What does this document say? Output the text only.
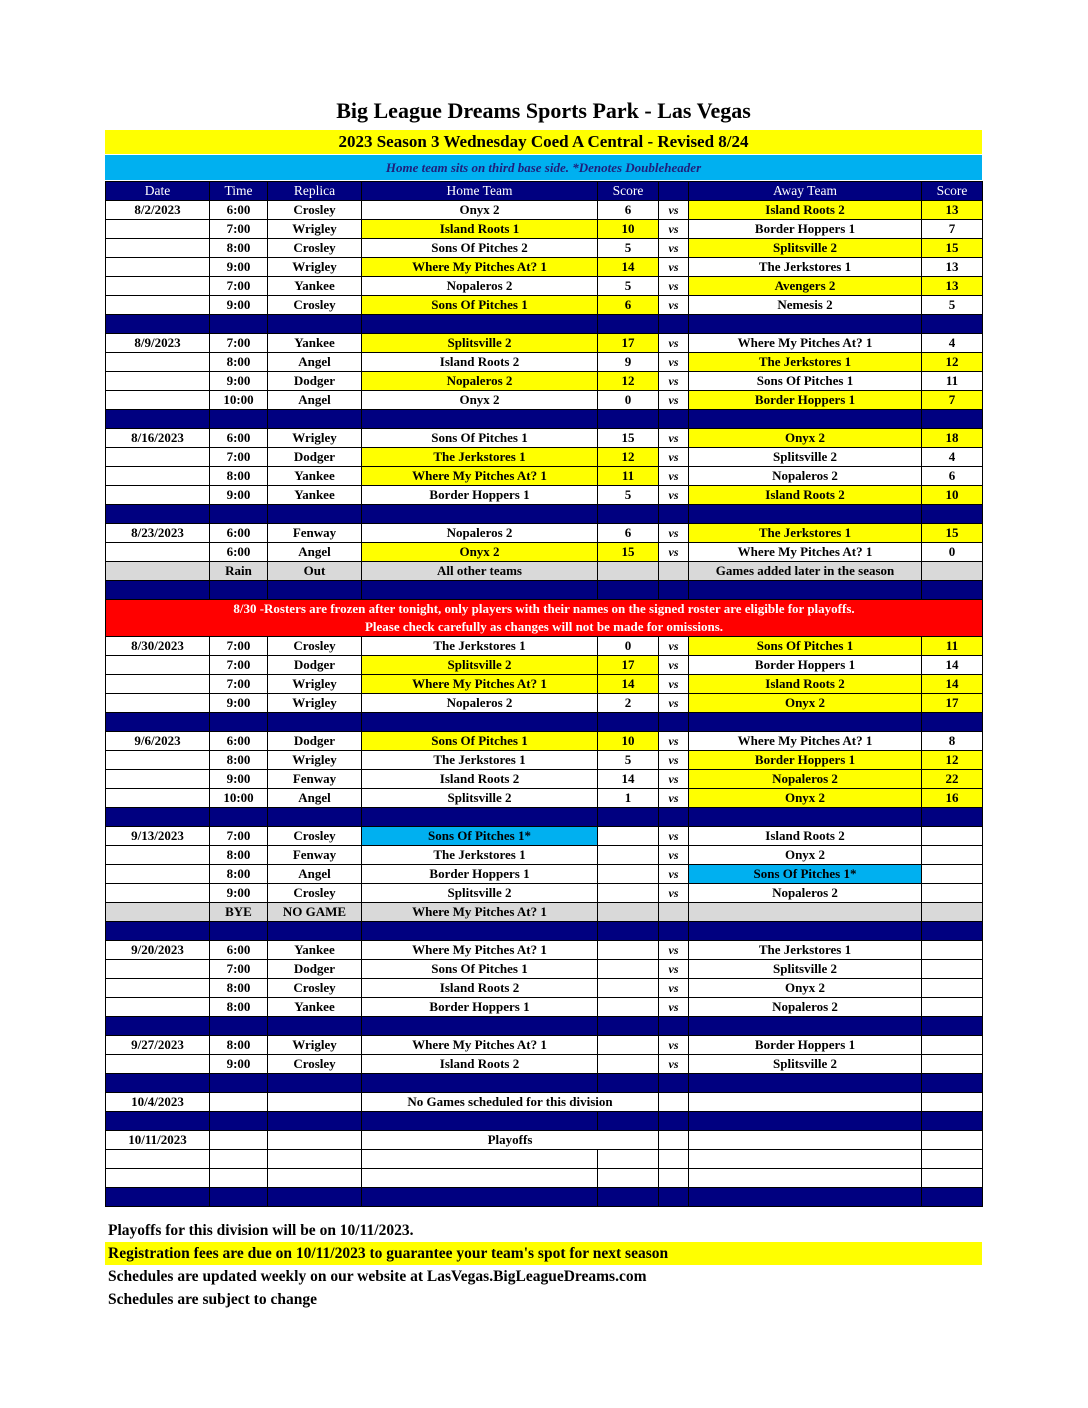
Big League Dreams Sports Park - Las Vegas
2023 Season 3 Wednesday Coed A Central - Revised 8/24
Home team sits on third base side. *Denotes Doubleheader
Date	Time	Replica	Home Team	Score		Away Team	Score
8/2/2023	6:00	Crosley	Onyx 2	6	vs	Island Roots 2	13
	7:00	Wrigley	Island Roots 1	10	vs	Border Hoppers 1	7
	8:00	Crosley	Sons Of Pitches 2	5	vs	Splitsville 2	15
	9:00	Wrigley	Where My Pitches At? 1	14	vs	The Jerkstores 1	13
	7:00	Yankee	Nopaleros 2	5	vs	Avengers 2	13
	9:00	Crosley	Sons Of Pitches 1	6	vs	Nemesis 2	5

8/9/2023	7:00	Yankee	Splitsville 2	17	vs	Where My Pitches At? 1	4
	8:00	Angel	Island Roots 2	9	vs	The Jerkstores 1	12
	9:00	Dodger	Nopaleros 2	12	vs	Sons Of Pitches 1	11
	10:00	Angel	Onyx 2	0	vs	Border Hoppers 1	7

8/16/2023	6:00	Wrigley	Sons Of Pitches 1	15	vs	Onyx 2	18
	7:00	Dodger	The Jerkstores 1	12	vs	Splitsville 2	4
	8:00	Yankee	Where My Pitches At? 1	11	vs	Nopaleros 2	6
	9:00	Yankee	Border Hoppers 1	5	vs	Island Roots 2	10

8/23/2023	6:00	Fenway	Nopaleros 2	6	vs	The Jerkstores 1	15
	6:00	Angel	Onyx 2	15	vs	Where My Pitches At? 1	0
	Rain	Out	All other teams			Games added later in the season	

8/30 -Rosters are frozen after tonight, only players with their names on the signed roster are eligible for playoffs.
Please check carefully as changes will not be made for omissions.							

8/30/2023	7:00	Crosley	The Jerkstores 1	0	vs	Sons Of Pitches 1	11
	7:00	Dodger	Splitsville 2	17	vs	Border Hoppers 1	14
	7:00	Wrigley	Where My Pitches At? 1	14	vs	Island Roots 2	14
	9:00	Wrigley	Nopaleros 2	2	vs	Onyx 2	17

9/6/2023	6:00	Dodger	Sons Of Pitches 1	10	vs	Where My Pitches At? 1	8
	8:00	Wrigley	The Jerkstores 1	5	vs	Border Hoppers 1	12
	9:00	Fenway	Island Roots 2	14	vs	Nopaleros 2	22
	10:00	Angel	Splitsville 2	1	vs	Onyx 2	16

9/13/2023	7:00	Crosley	Sons Of Pitches 1*		vs	Island Roots 2	
	8:00	Fenway	The Jerkstores 1		vs	Onyx 2	
	8:00	Angel	Border Hoppers 1		vs	Sons Of Pitches 1*	
	9:00	Crosley	Splitsville 2		vs	Nopaleros 2	
	BYE	NO GAME	Where My Pitches At? 1				

9/20/2023	6:00	Yankee	Where My Pitches At? 1		vs	The Jerkstores 1	
	7:00	Dodger	Sons Of Pitches 1		vs	Splitsville 2	
	8:00	Crosley	Island Roots 2		vs	Onyx 2	
	8:00	Yankee	Border Hoppers 1		vs	Nopaleros 2	

9/27/2023	8:00	Wrigley	Where My Pitches At? 1		vs	Border Hoppers 1	
	9:00	Crosley	Island Roots 2		vs	Splitsville 2	

10/4/2023			No Games scheduled for this division				

10/11/2023			Playoffs				

Playoffs for this division will be on 10/11/2023.
Registration fees are due on 10/11/2023 to guarantee your team's spot for next season
Schedules are updated weekly on our website at LasVegas.BigLeagueDreams.com
Schedules are subject to change
